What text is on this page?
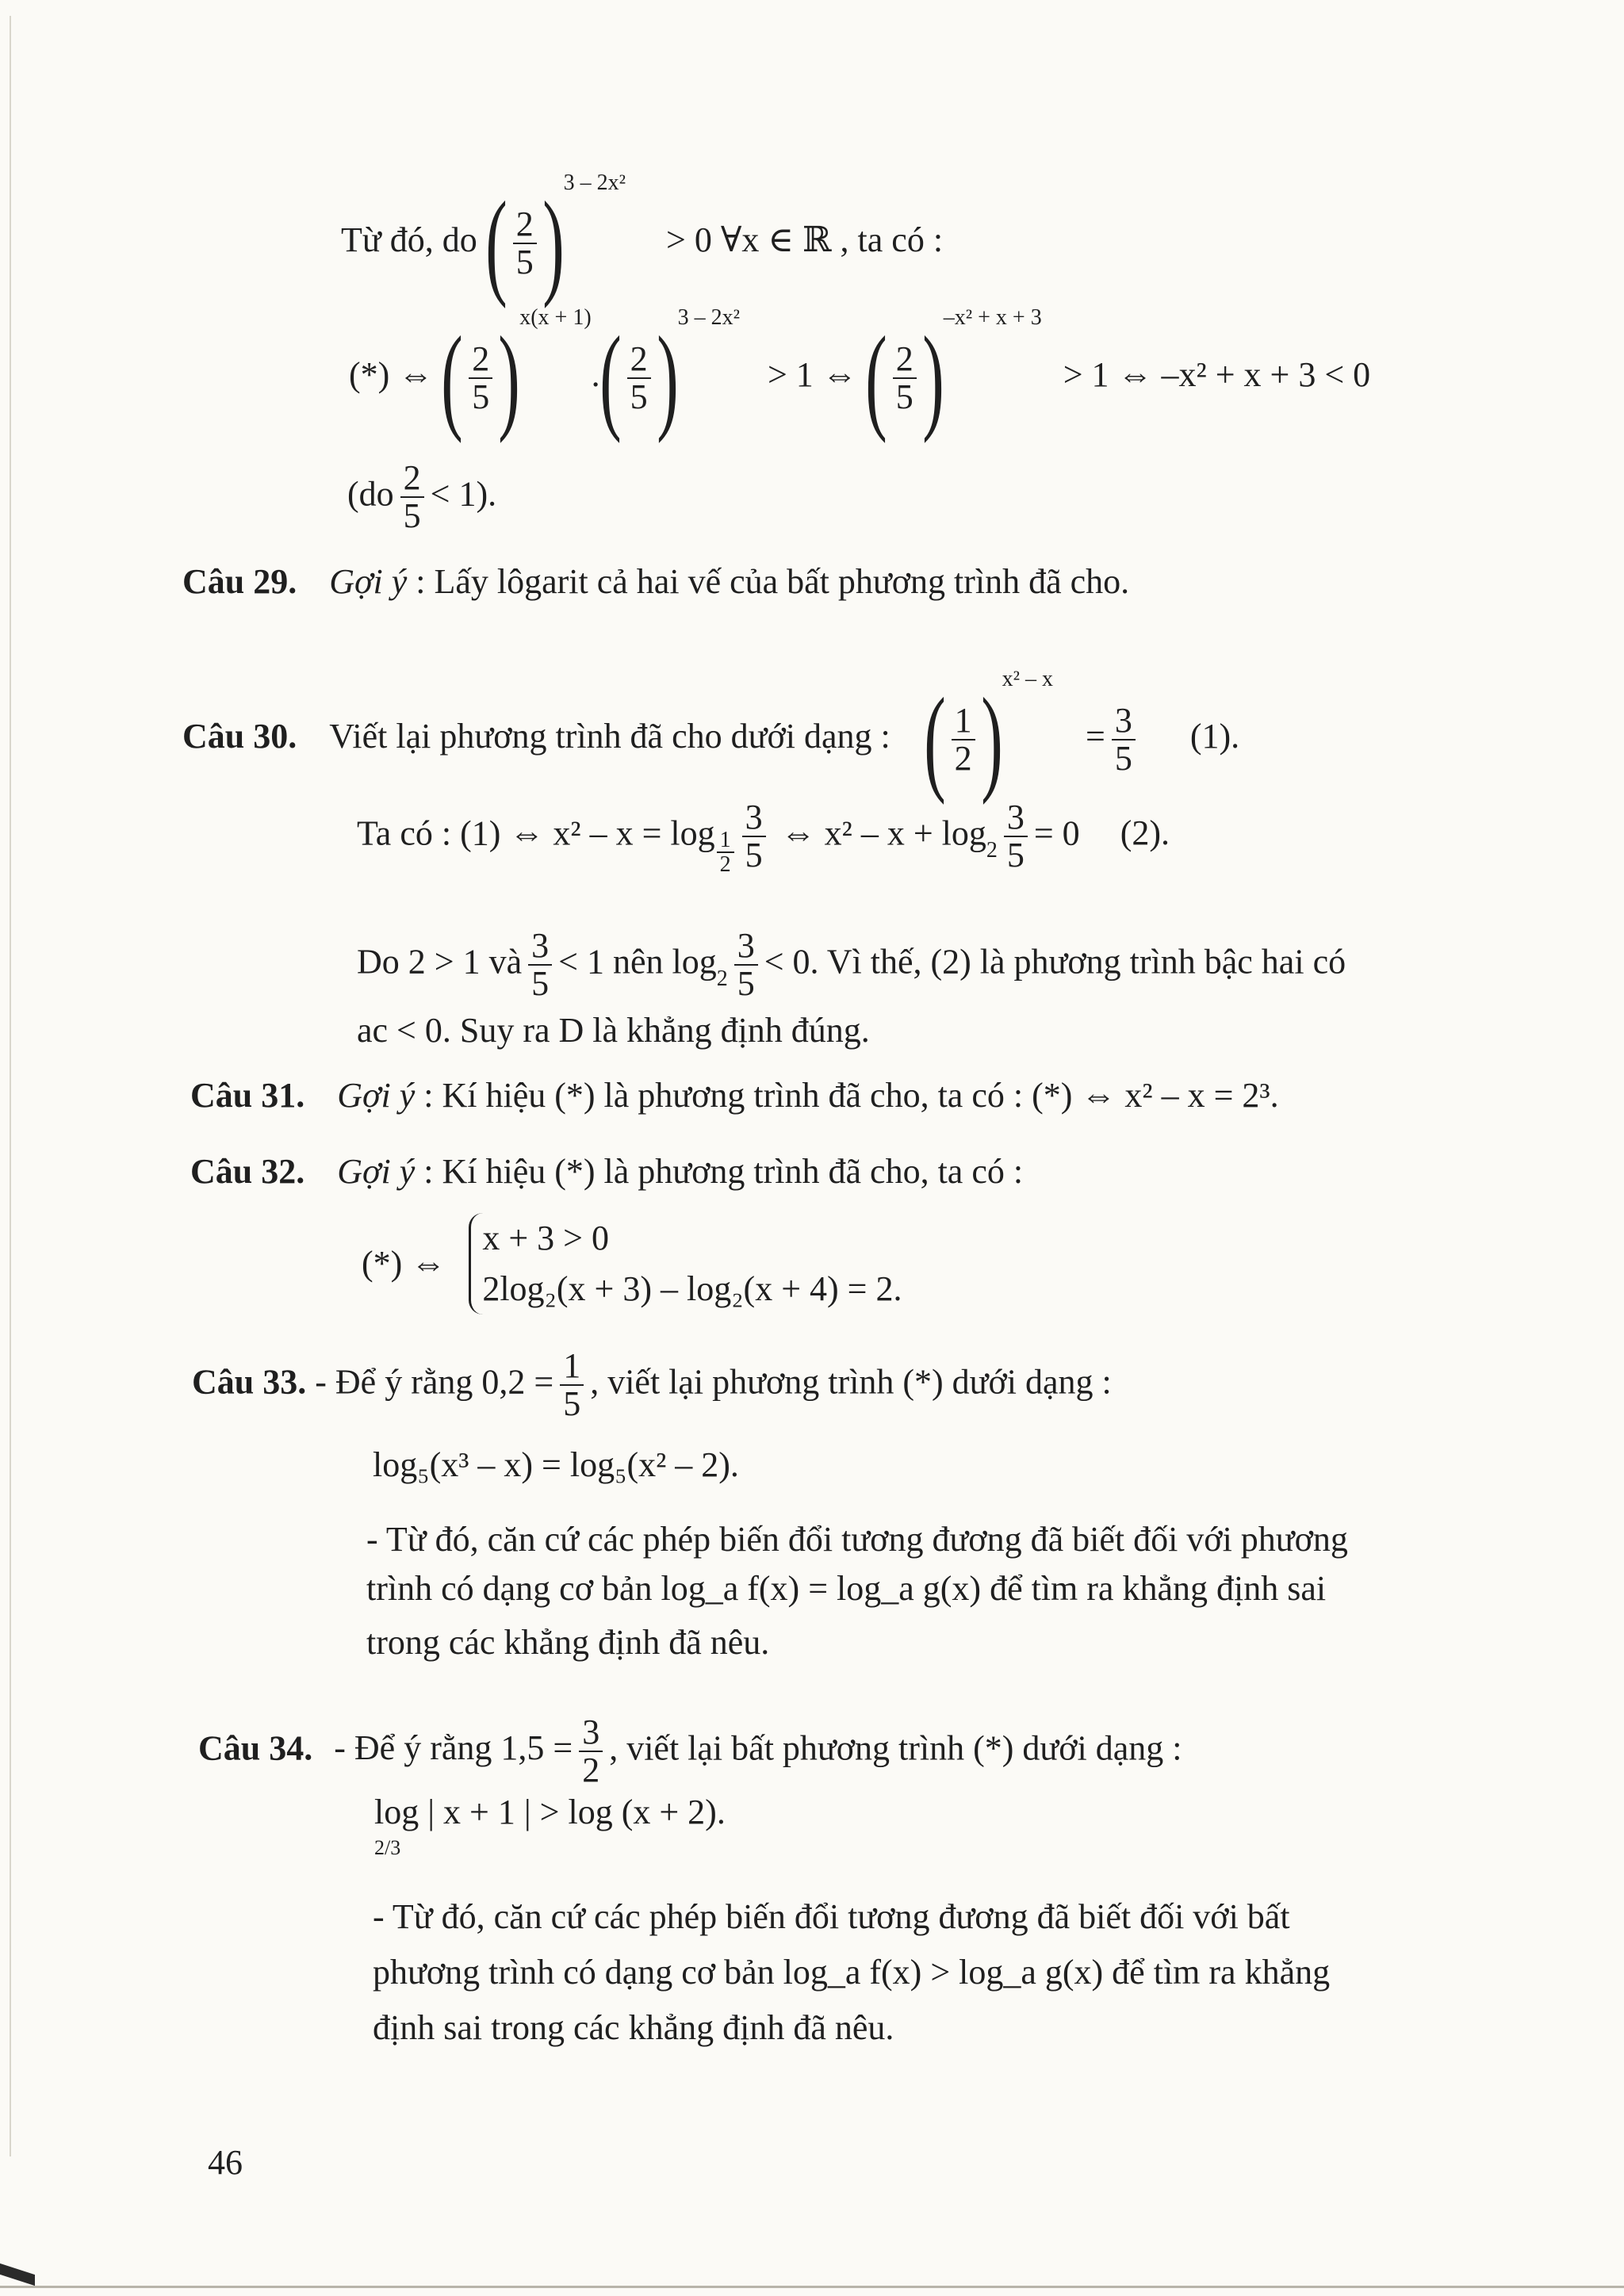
Từ đó, do ( $\frac{2}{5} )^{3 - 2x^2} > 0$ ∀x ∈ ℝ , ta có :
(*) ⇔ ( $\frac{2}{5} )^{x(x + 1)}.( \frac{2}{5} )^{3 - 2x^2} > 1$ ⇔ ( $\frac{2}{5} )^{-x^2 + x + 3} > 1$ ⇔ –x² + x + 3 < 0
$(do \frac{2}{5} < 1)$.
Câu 29. Gợi ý : Lấy lôgarit cả hai vế của bất phương trình đã cho.
Câu 30. Viết lại phương trình đã cho dưới dạng : ( $\frac{1}{2} )^{x^2 - x} = \frac{3}{5} (1)$.
Ta có : (1) ⇔ $x^2 - x = \log \frac{1}{2} \frac{3}{5}$ ⇔ $x^2 - x + \log_2 \frac{3}{5} = 0$ (2).
Do 2 > 1 và $\frac{3}{5} < 1$ nên $\log_2 \frac{3}{5} < 0$. Vì thế, (2) là phương trình bậc hai có
ac < 0. Suy ra D là khẳng định đúng.
Câu 31. Gợi ý : Kí hiệu (*) là phương trình đã cho, ta có : (*) ⇔ x² – x = 2³.
Câu 32. Gợi ý : Kí hiệu (*) là phương trình đã cho, ta có :
(*) ⇔
x + 3 > 0
2log₂(x + 3) – log₂(x + 4) = 2.
Câu 33. - Để ý rằng $0,2 = \frac{1}{5}$ , viết lại phương trình (*) dưới dạng :
log₅(x³ – x) = log₅(x² – 2).
- Từ đó, căn cứ các phép biến đổi tương đương đã biết đối với phương
trình có dạng cơ bản log_a f(x) = log_a g(x) để tìm ra khẳng định sai
trong các khẳng định đã nêu.
Câu 34. - Để ý rằng $1,5 = \frac{3}{2}$ , viết lại bất phương trình (*) dưới dạng :
log | x + 1 | > log (x + 2).
2/3
- Từ đó, căn cứ các phép biến đổi tương đương đã biết đối với bất
phương trình có dạng cơ bản log_a f(x) > log_a g(x) để tìm ra khẳng
định sai trong các khẳng định đã nêu.
46
